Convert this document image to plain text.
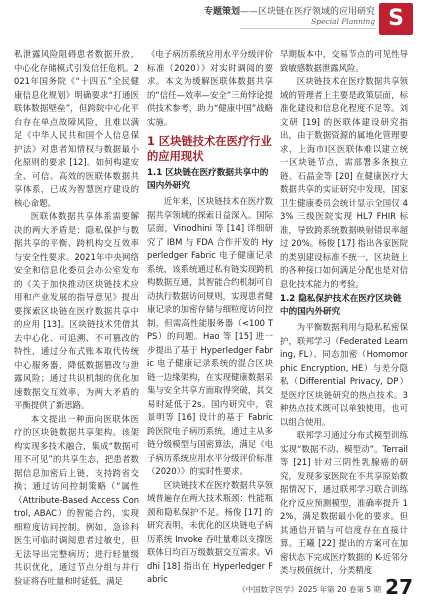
专题策划——区块链在医疗领域的应用研究
Special Planning S

私泄露风险阻碍患者数据开放，中心化存储模式引发信任危机。2021年国务院《“十四五”全民健康信息化规划》明确要求“打通医联体数据壁垒”，但跨院中心化平台存在单点故障风险，且难以满足《中华人民共和国个人信息保护法》对患者知情权与数据最小化原则的要求 [12]。如何构建安全、可信、高效的医联体数据共享体系，已成为智慧医疗建设的核心命题。

医联体数据共享体系需要解决的两大矛盾是：隐私保护与数据共享的平衡、跨机构交互效率与安全性要求。2021年中央网络安全和信息化委员会办公室发布的《关于加快推动区块链技术应用和产业发展的指导意见》提出要探索区块链在医疗数据共享中的应用 [13]。区块链技术凭借其去中心化、可追溯、不可篡改的特性，通过分布式账本取代传统中心服务器，降低数据篡改与泄露风险；通过共识机制的优化加速数据交互效率，为两大矛盾的平衡提供了新思路。

本文提出一种面向医联体医疗的区块链数据共享架构。该架构实现多技术融合，集成“数据可用不可见”的共享生态，把患者数据信息加密后上链，支持跨省交换；通过访问控制策略（“属性（Attribute-Based Access Control, ABAC）的智能合约，实现细粒度访问控制。例如，急诊科医生可临时调阅患者过敏史，但无法导出完整病历；进行轻量级共识优化，通过节点分组与并行验证将吞吐量和时延低，满足

《电子病历系统应用水平分级评价标准（2020）》对实时调阅的要求。本文为缓解医联体数据共享的“信任—效率—安全”三角悖论提供技术参考，助力“健康中国”战略实施。

1 区块链技术在医疗行业的应用现状
1.1 区块链在医疗数据共享中的国内外研究

近年来，区块链技术在医疗数据共享领域的探索日益深入。国际层面，Vinodhini 等 [14] 详细研究了 IBM 与 FDA 合作开发的 Hyperledger Fabric 电子健康记录系统，该系统通过私有链实现跨机构数据互通，其智能合约机制可自动执行数据访问规则，实现患者健康记录的加密存储与细粒度访问控制，但需高性能服务器（<100 TPS）的问题。Hao 等 [15] 进一步提出了基于 Hyperledger Fabric 电子健康记录系统的混合区块链一边缘架构，在实现健康数据采集与安全共享方面取得突破，其交易时延低于2s。国内研究中，袁景明等 [16] 设计的基于 Fabric 跨医院电子病历系统，通过主从多链分级模型与国密算法，满足《电子病历系统应用水平分级评价标准（2020）》的实时性要求。

区块链技术在医疗数据共享领域普遍存在两大技术瓶颈：性能瓶颈和隐私保护不足。杨俊 [17] 的研究表明，未优化的区块链电子病历系统 Invoke 吞吐量难以支撑医联体日均百万级数据交互需求。Vidhi [18] 指出在 Hyperledger Fabric

早期版本中，交易节点的可见性导致敏感数据泄露风险。

区块链技术在医疗数据共享领域的管理者上主要是政策层面，标准化建设和信息化程度不足等。刘文研 [19] 的医联体建设研究指出，由于数据资源的属地化管理要求，上海市Ⅰ区医联体难以建立统一区块链节点，需部署多条独立链。石晶金等 [20] 在健康医疗大数据共享的实证研究中发现，国家卫生健康委员会统计显示全国仅 43% 三级医院实现 HL7 FHIR 标准，导致跨系统数据映射错误率超过 20%。杨俊 [17] 指出各家医院的类别建设标准不统一，区块链上的各种接口如何满足分配也是对信息化技术能力的考验。

1.2 隐私保护技术在医疗区块链中的国内外研究

为平衡数据利用与隐私私密保护，联邦学习（Federated Learning, FL）、同态加密（Homomorphic Encryption, HE）与差分隐私（Differential Privacy, DP）是医疗区块链研究的热点技术。3种热点技术既可以单独使用，也可以组合使用。

联邦学习通过分布式模型训练实现“数据不动、模型动”。Terrail 等 [21] 针对三阴性乳腺癌的研究，发现多家医院在不共享原始数据情况下，通过联邦学习联合训练化疗反应预测模型，准确率提升 12%，满足数据最小化的要求。但其通信开销与可信度存在直接计算。王曦 [22] 提出的方案可在加密状态下完成医疗数据的 K-近邻分类与极值统计，分类精度

《中国数字医学》2025 年第 20 卷第 5 期 27
